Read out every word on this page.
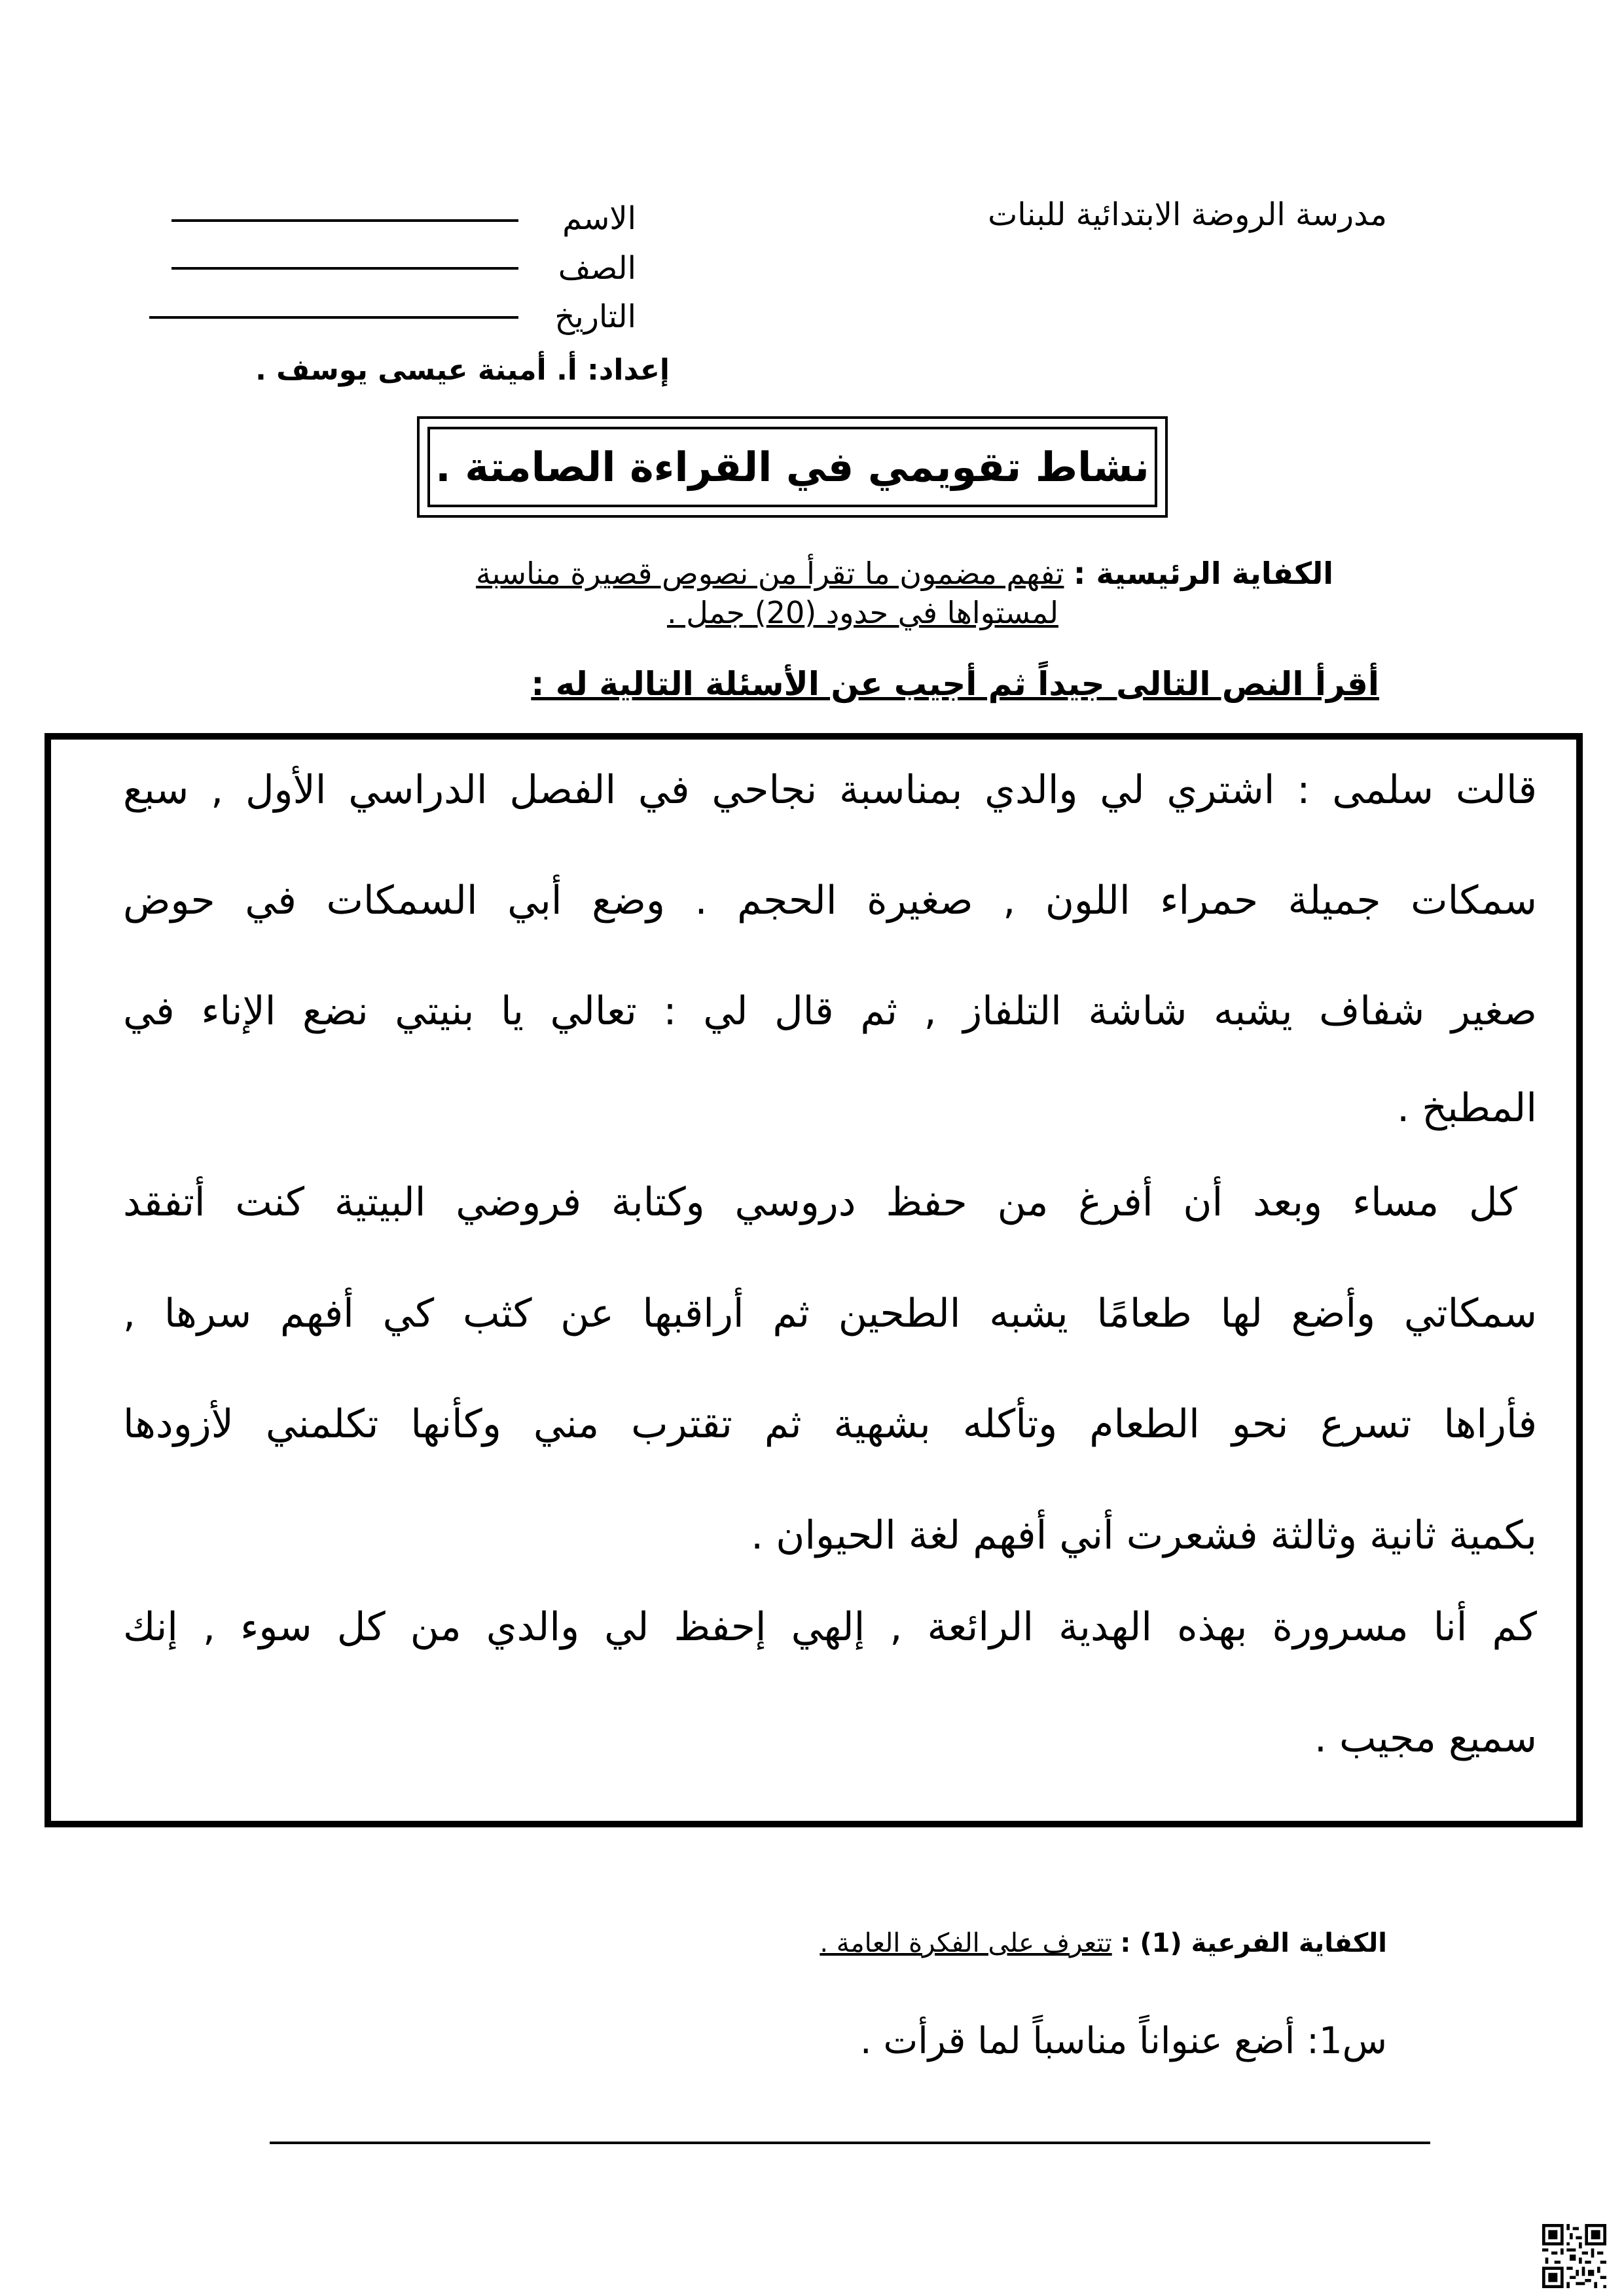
مدرسة الروضة الابتدائية للبنات
الاسم
الصف
التاريخ
إعداد: أ. أمينة عيسى يوسف .
نشاط تقويمي في القراءة الصامتة .
الكفاية الرئيسية : تفهم مضمون ما تقرأ من نصوص قصيرة مناسبة
لمستواها في حدود (20) جمل .
أقرأ النص التالى جيداً ثم أجيب عن الأسئلة التالية له :
قالت سلمى : اشتري لي والدي بمناسبة نجاحي في الفصل الدراسي الأول , سبع
سمكات جميلة حمراء اللون , صغيرة الحجم . وضع أبي السمكات في حوض
صغير شفاف يشبه شاشة التلفاز , ثم قال لي : تعالي يا بنيتي نضع الإناء في
المطبخ .
كل مساء وبعد أن أفرغ من حفظ دروسي وكتابة فروضي البيتية كنت أتفقد
سمكاتي وأضع لها طعامًا يشبه الطحين ثم أراقبها عن كثب كي أفهم سرها ,
فأراها تسرع نحو الطعام وتأكله بشهية ثم تقترب مني وكأنها تكلمني لأزودها
بكمية ثانية وثالثة فشعرت أني أفهم لغة الحيوان .
كم أنا مسرورة بهذه الهدية الرائعة , إلهي إحفظ لي والدي من كل سوء , إنك
سميع مجيب .
الكفاية الفرعية (1) : تتعرف على الفكرة العامة .
س1: أضع عنواناً مناسباً لما قرأت .
